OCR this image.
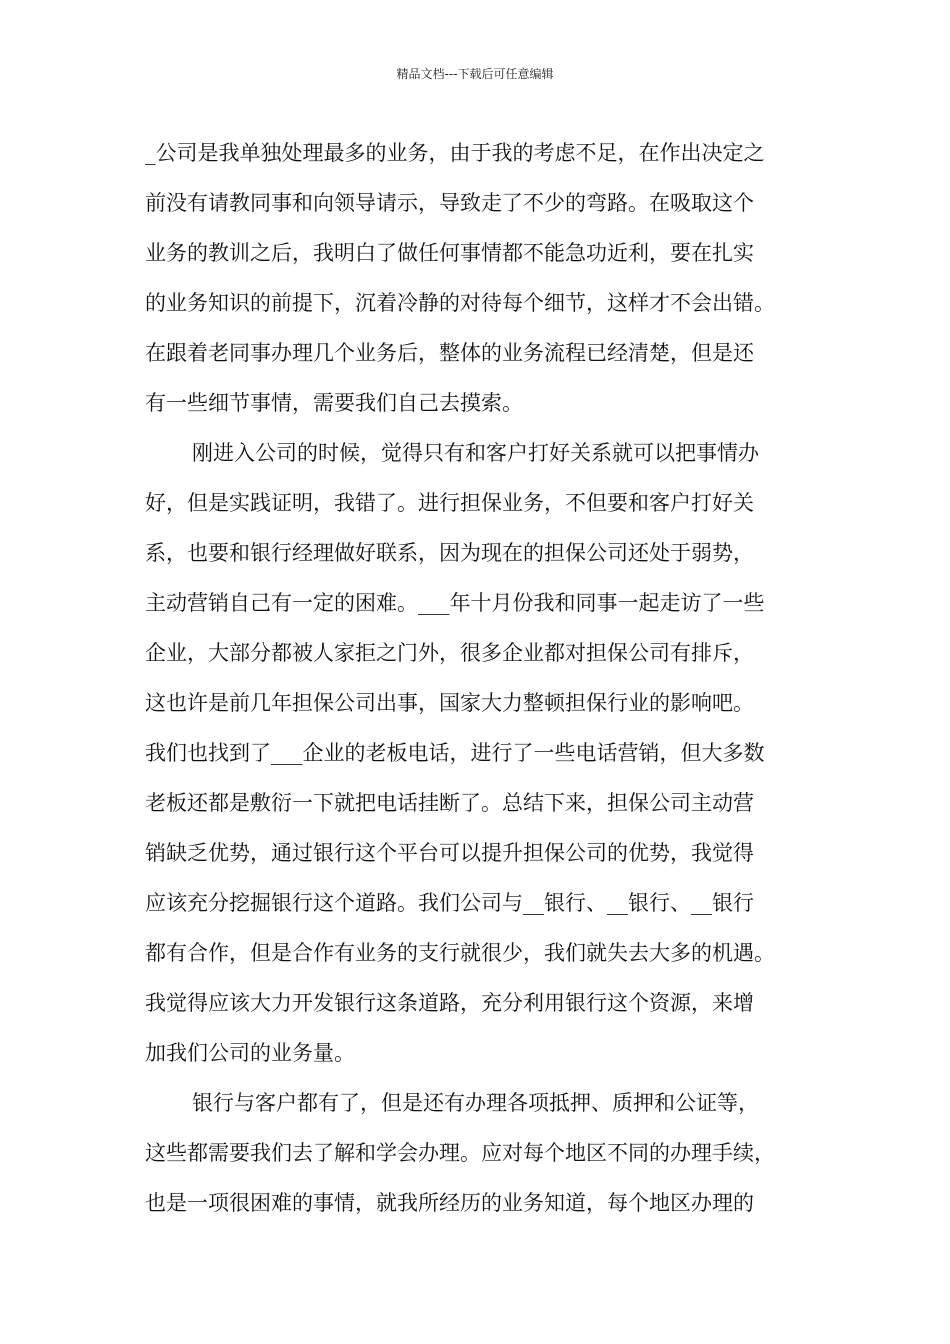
精品文档---下载后可任意编辑
_公司是我单独处理最多的业务，由于我的考虑不足，在作出决定之
前没有请教同事和向领导请示，导致走了不少的弯路。在吸取这个
业务的教训之后，我明白了做任何事情都不能急功近利，要在扎实
的业务知识的前提下，沉着冷静的对待每个细节，这样才不会出错。
在跟着老同事办理几个业务后，整体的业务流程已经清楚，但是还
有一些细节事情，需要我们自己去摸索。
刚进入公司的时候，觉得只有和客户打好关系就可以把事情办
好，但是实践证明，我错了。进行担保业务，不但要和客户打好关
系，也要和银行经理做好联系，因为现在的担保公司还处于弱势，
主动营销自己有一定的困难。___年十月份我和同事一起走访了一些
企业，大部分都被人家拒之门外，很多企业都对担保公司有排斥，
这也许是前几年担保公司出事，国家大力整顿担保行业的影响吧。
我们也找到了___企业的老板电话，进行了一些电话营销，但大多数
老板还都是敷衍一下就把电话挂断了。总结下来，担保公司主动营
销缺乏优势，通过银行这个平台可以提升担保公司的优势，我觉得
应该充分挖掘银行这个道路。我们公司与__银行、__银行、__银行
都有合作，但是合作有业务的支行就很少，我们就失去大多的机遇。
我觉得应该大力开发银行这条道路，充分利用银行这个资源，来增
加我们公司的业务量。
银行与客户都有了，但是还有办理各项抵押、质押和公证等，
这些都需要我们去了解和学会办理。应对每个地区不同的办理手续，
也是一项很困难的事情，就我所经历的业务知道，每个地区办理的
